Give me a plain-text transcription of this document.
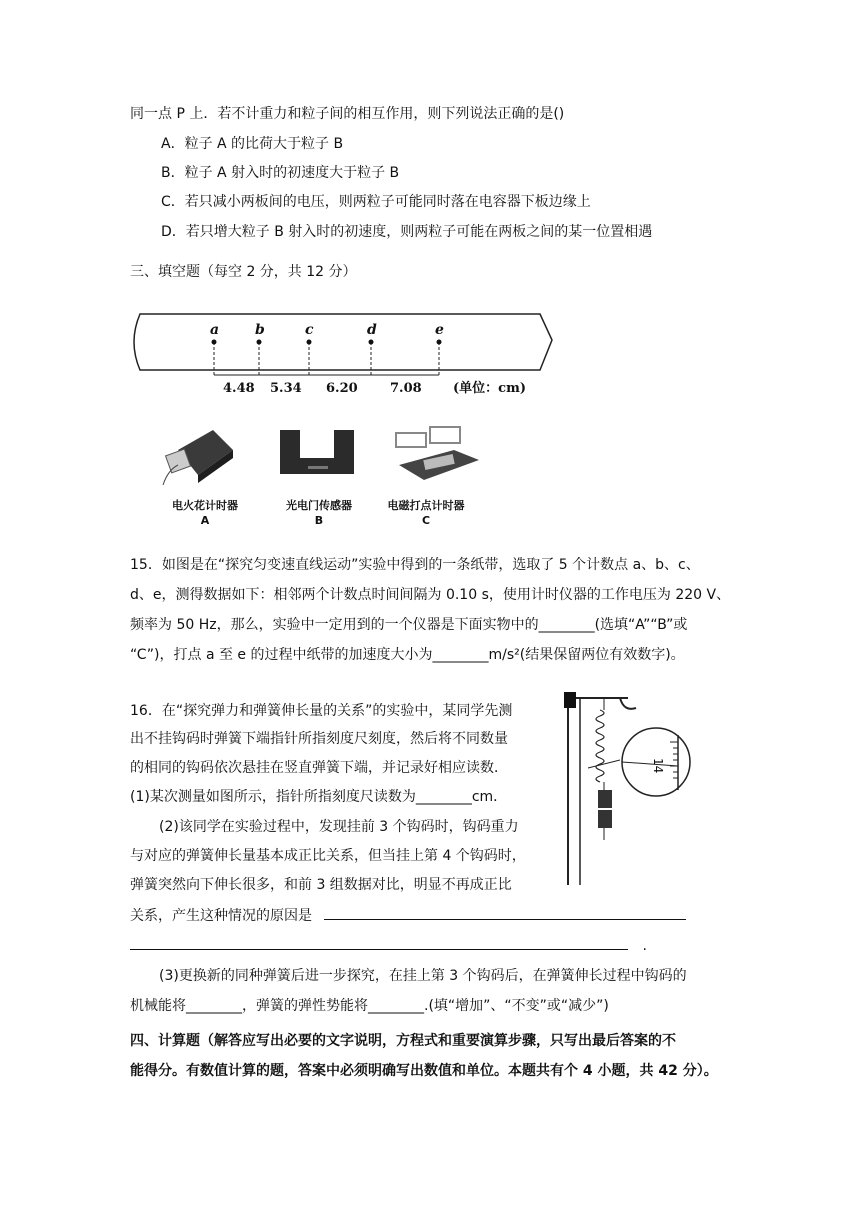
同一点 P 上．若不计重力和粒子间的相互作用，则下列说法正确的是()
A．粒子 A 的比荷大于粒子 B
B．粒子 A 射入时的初速度大于粒子 B
C．若只减小两板间的电压，则两粒子可能同时落在电容器下板边缘上
D．若只增大粒子 B 射入时的初速度，则两粒子可能在两板之间的某一位置相遇
三、填空题（每空 2 分，共 12 分）
a	b	c	d	e
4.48 5.34 6.20 7.08 (单位：cm)
电火花计时器
A
光电门传感器
B
电磁打点计时器
C
15．如图是在“探究匀变速直线运动”实验中得到的一条纸带，选取了 5 个计数点 a、b、c、
d、e，测得数据如下：相邻两个计数点时间间隔为 0.10 s，使用计时仪器的工作电压为 220 V、
频率为 50 Hz，那么，实验中一定用到的一个仪器是下面实物中的________(选填“A”“B”或
“C”)，打点 a 至 e 的过程中纸带的加速度大小为________m/s²(结果保留两位有效数字)。
16．在“探究弹力和弹簧伸长量的关系”的实验中，某同学先测
出不挂钩码时弹簧下端指针所指刻度尺刻度，然后将不同数量
的相同的钩码依次悬挂在竖直弹簧下端，并记录好相应读数．
(1)某次测量如图所示，指针所指刻度尺读数为________cm．
(2)该同学在实验过程中，发现挂前 3 个钩码时，钩码重力
与对应的弹簧伸长量基本成正比关系，但当挂上第 4 个钩码时，
弹簧突然向下伸长很多，和前 3 组数据对比，明显不再成正比
关系，产生这种情况的原因是
.
(3)更换新的同种弹簧后进一步探究，在挂上第 3 个钩码后，在弹簧伸长过程中钩码的
机械能将________，弹簧的弹性势能将________.(填“增加”、“不变”或“减少”)
14
四、计算题（解答应写出必要的文字说明，方程式和重要演算步骤，只写出最后答案的不
能得分。有数值计算的题，答案中必须明确写出数值和单位。本题共有个 4 小题，共 42 分）。
